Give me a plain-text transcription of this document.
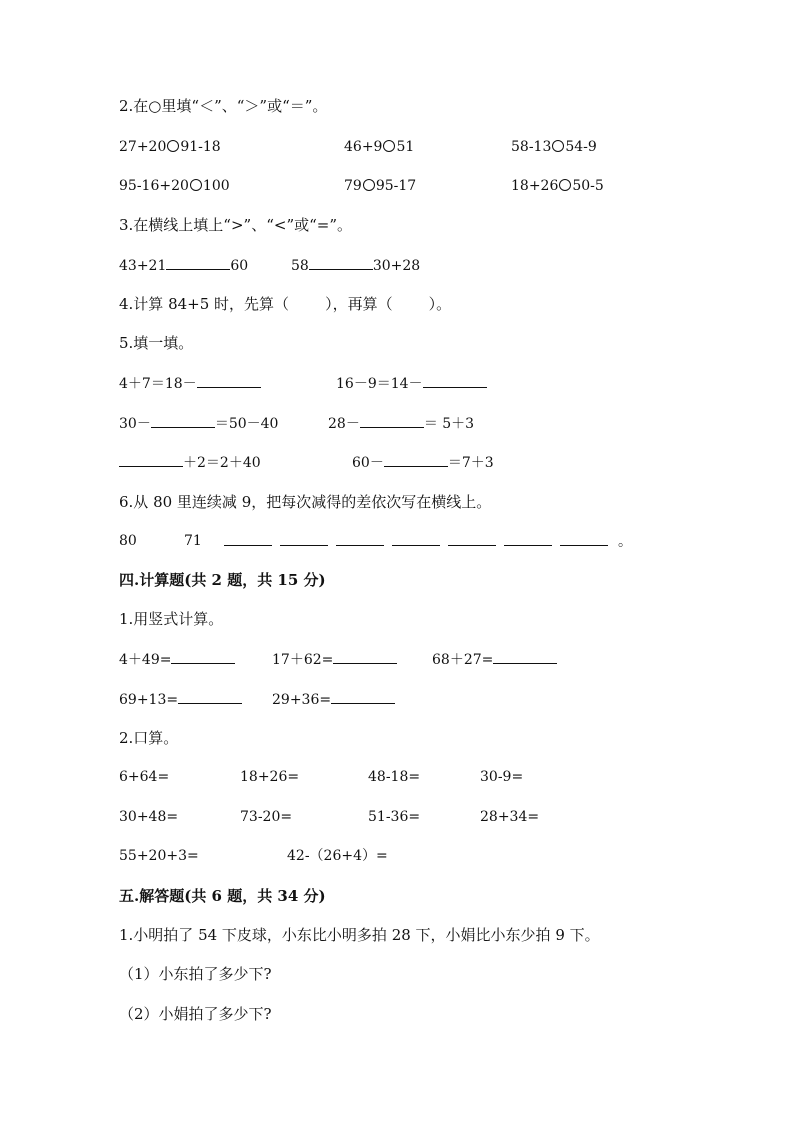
2.在○里填“＜”、“＞”或“＝”。
27+20 91-18	46+9 51	58-13 54-9
95-16+20 100	79 95-17	18+26 50-5
3.在横线上填上“>”、“<”或“=”。
43+21	60	58	30+28
4.计算 84+5 时，先算（ ），再算（ ）。
5.填一填。
4＋7＝18－	16－9＝14－
30－	＝50－40	28－	＝ 5＋3
＋2＝2＋40	60－	＝7＋3
6.从 80 里连续减 9，把每次减得的差依次写在横线上。
80	71	。
四.计算题(共 2 题，共 15 分)
1.用竖式计算。
4＋49=	17＋62=	68＋27=
69+13=	29+36=
2.口算。
6+64=	18+26=	48-18=	30-9=
30+48=	73-20=	51-36=	28+34=
55+20+3=	42-（26+4）=
五.解答题(共 6 题，共 34 分)
1.小明拍了 54 下皮球，小东比小明多拍 28 下，小娟比小东少拍 9 下。
（1）小东拍了多少下?
（2）小娟拍了多少下?
